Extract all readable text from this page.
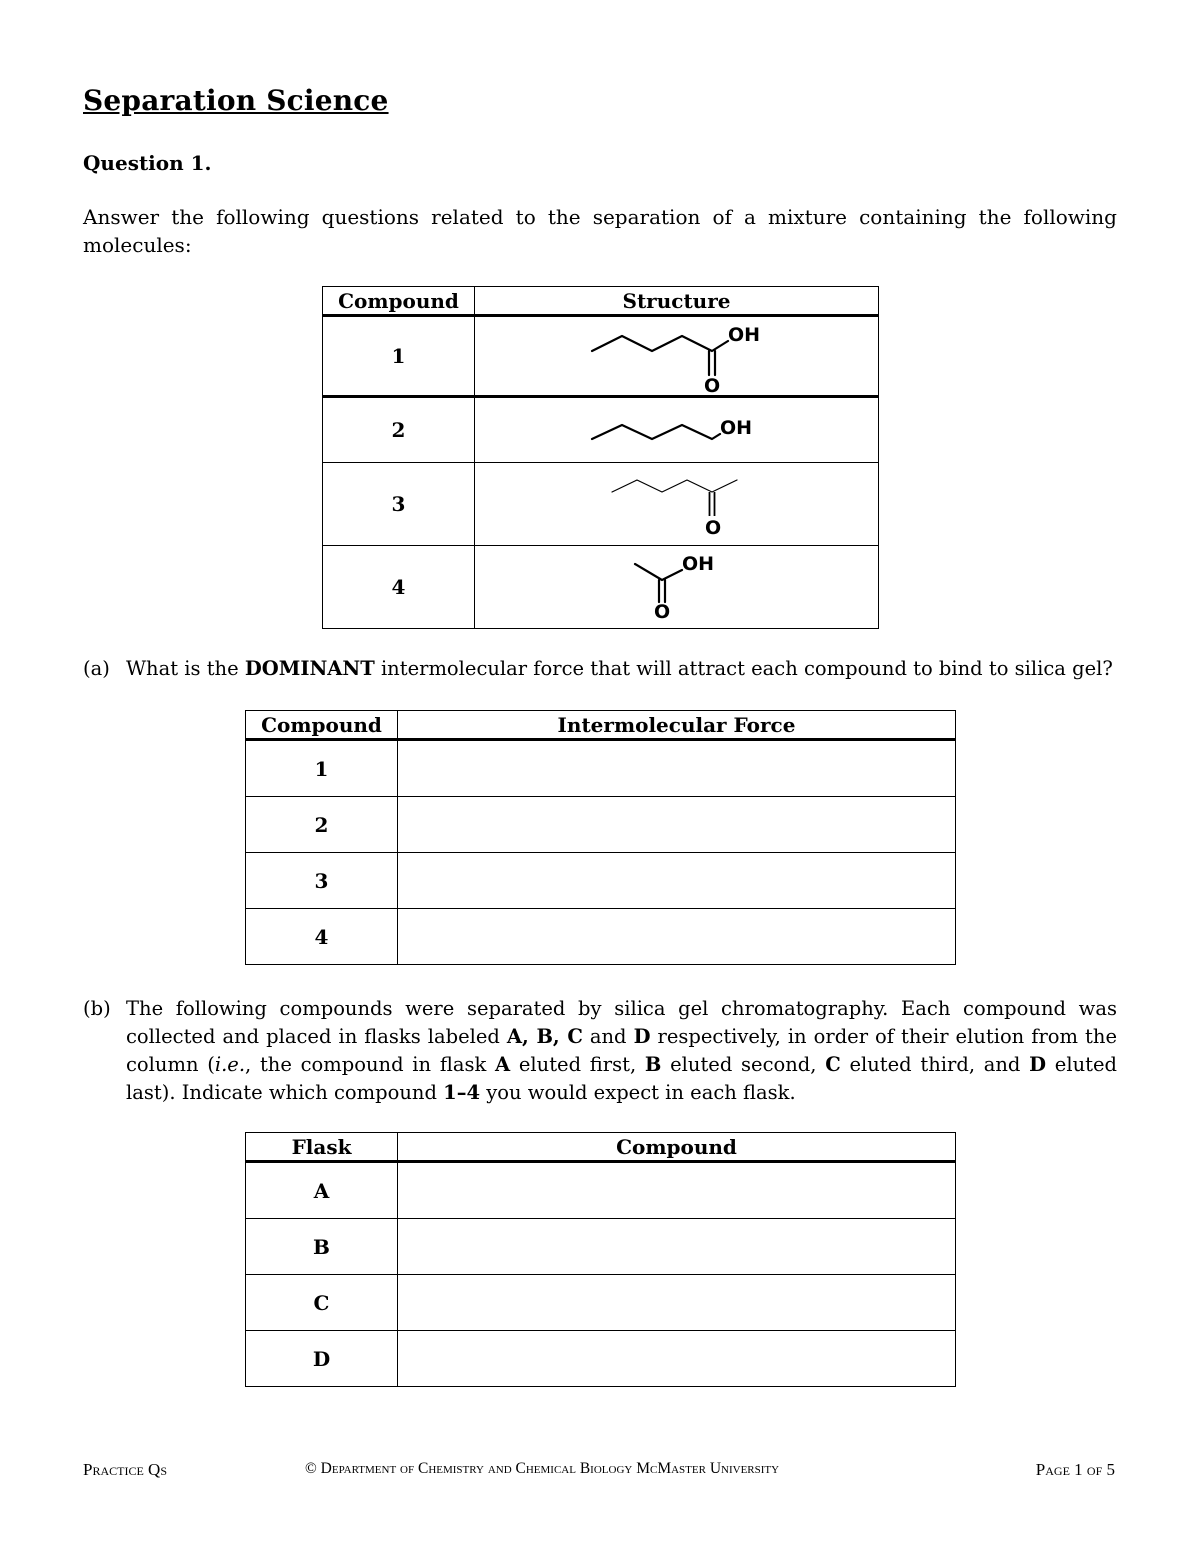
Separation Science
Question 1.
Answer the following questions related to the separation of a mixture containing the following molecules:
Compound	Structure
1	OH
O

2	OH

3	O

4	OH
O
(a) What is the DOMINANT intermolecular force that will attract each compound to bind to silica gel?
Compound	Intermolecular Force
1	
2	
3	
4	
(b) The following compounds were separated by silica gel chromatography. Each compound was collected and placed in flasks labeled A, B, C and D respectively, in order of their elution from the column (i.e., the compound in flask A eluted first, B eluted second, C eluted third, and D eluted last). Indicate which compound 1–4 you would expect in each flask.
Flask	Compound
A	
B	
C	
D	
Practice Qs	© Department of Chemistry and Chemical Biology McMaster University	Page 1 of 5
